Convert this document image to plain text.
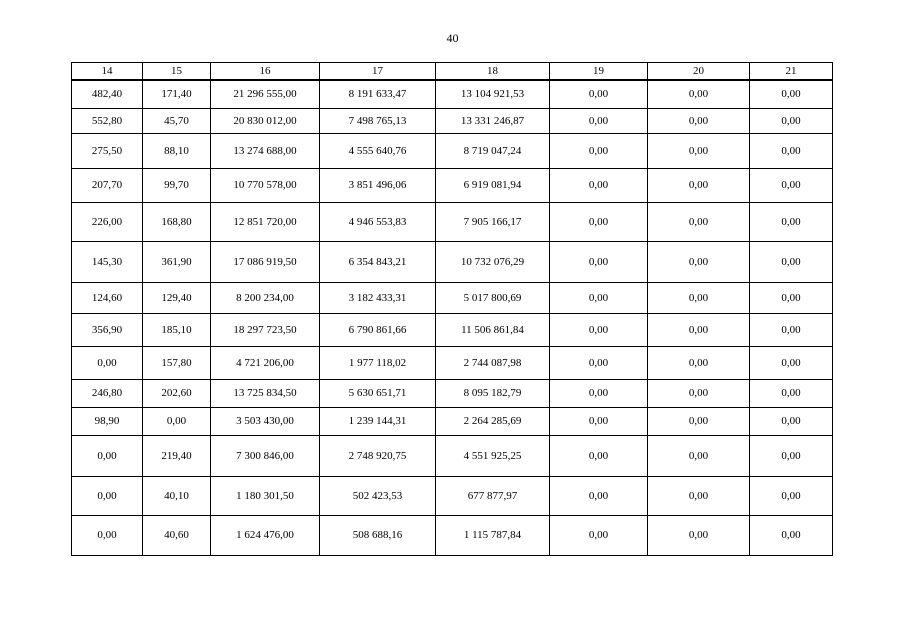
40
14	15	16	17	18	19	20	21
482,40	171,40	21 296 555,00	8 191 633,47	13 104 921,53	0,00	0,00	0,00
552,80	45,70	20 830 012,00	7 498 765,13	13 331 246,87	0,00	0,00	0,00
275,50	88,10	13 274 688,00	4 555 640,76	8 719 047,24	0,00	0,00	0,00
207,70	99,70	10 770 578,00	3 851 496,06	6 919 081,94	0,00	0,00	0,00
226,00	168,80	12 851 720,00	4 946 553,83	7 905 166,17	0,00	0,00	0,00
145,30	361,90	17 086 919,50	6 354 843,21	10 732 076,29	0,00	0,00	0,00
124,60	129,40	8 200 234,00	3 182 433,31	5 017 800,69	0,00	0,00	0,00
356,90	185,10	18 297 723,50	6 790 861,66	11 506 861,84	0,00	0,00	0,00
0,00	157,80	4 721 206,00	1 977 118,02	2 744 087,98	0,00	0,00	0,00
246,80	202,60	13 725 834,50	5 630 651,71	8 095 182,79	0,00	0,00	0,00
98,90	0,00	3 503 430,00	1 239 144,31	2 264 285,69	0,00	0,00	0,00
0,00	219,40	7 300 846,00	2 748 920,75	4 551 925,25	0,00	0,00	0,00
0,00	40,10	1 180 301,50	502 423,53	677 877,97	0,00	0,00	0,00
0,00	40,60	1 624 476,00	508 688,16	1 115 787,84	0,00	0,00	0,00
